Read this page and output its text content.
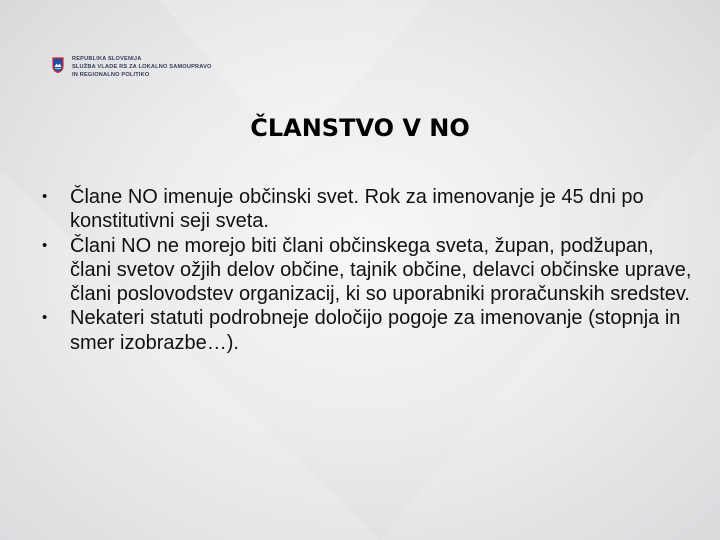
REPUBLIKA SLOVENIJA
SLUŽBA VLADE RS ZA LOKALNO SAMOUPRAVO
IN REGIONALNO POLITIKO
ČLANSTVO V NO
• Člane NO imenuje občinski svet. Rok za imenovanje je 45 dni po konstitutivni seji sveta.
• Člani NO ne morejo biti člani občinskega sveta, župan, podžupan, člani svetov ožjih delov občine, tajnik občine, delavci občinske uprave, člani poslovodstev organizacij, ki so uporabniki proračunskih sredstev.
• Nekateri statuti podrobneje določijo pogoje za imenovanje (stopnja in smer izobrazbe…).
